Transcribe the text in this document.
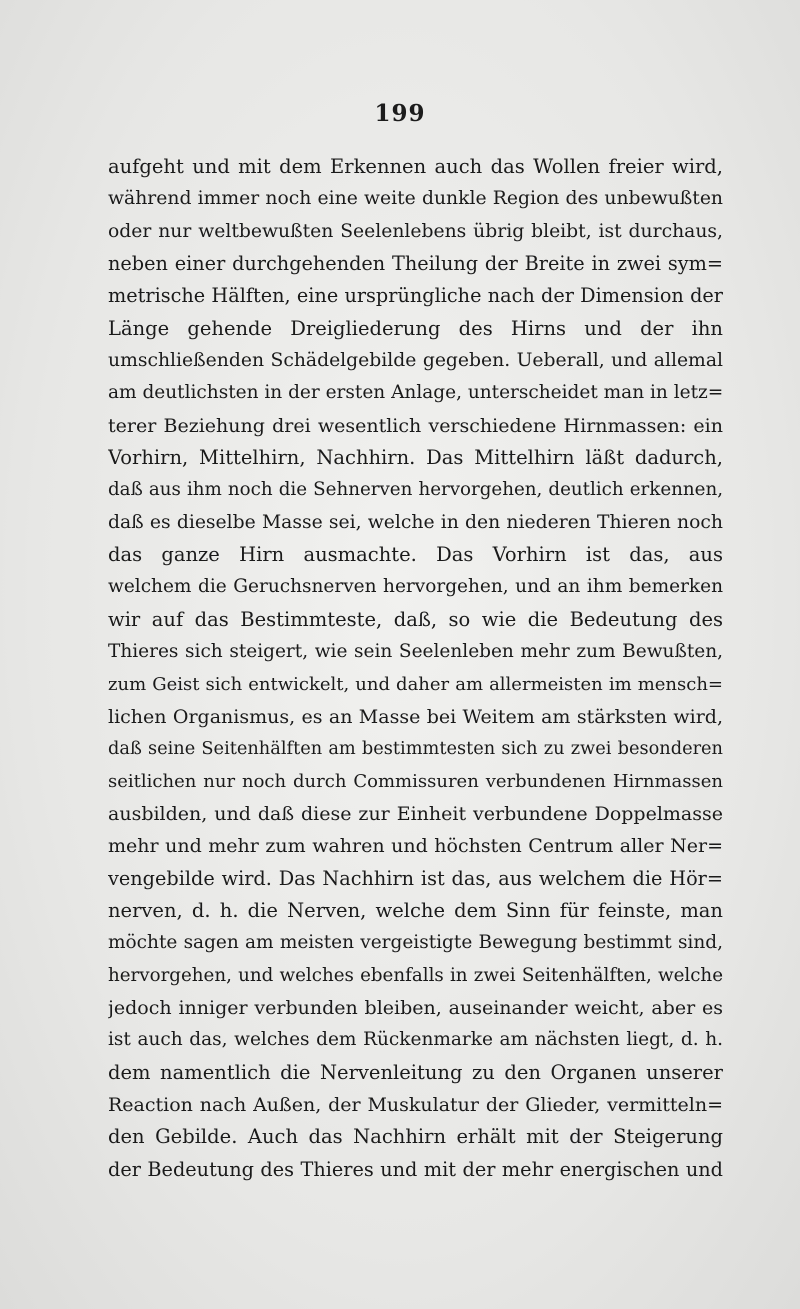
199
aufgeht und mit dem Erkennen auch das Wollen freier wird,
während immer noch eine weite dunkle Region des unbewußten
oder nur weltbewußten Seelenlebens übrig bleibt, ist durchaus,
neben einer durchgehenden Theilung der Breite in zwei sym=
metrische Hälften, eine ursprüngliche nach der Dimension der
Länge gehende Dreigliederung des Hirns und der ihn
umschließenden Schädelgebilde gegeben. Ueberall, und allemal
am deutlichsten in der ersten Anlage, unterscheidet man in letz=
terer Beziehung drei wesentlich verschiedene Hirnmassen: ein
Vorhirn, Mittelhirn, Nachhirn. Das Mittelhirn läßt dadurch,
daß aus ihm noch die Sehnerven hervorgehen, deutlich erkennen,
daß es dieselbe Masse sei, welche in den niederen Thieren noch
das ganze Hirn ausmachte. Das Vorhirn ist das, aus
welchem die Geruchsnerven hervorgehen, und an ihm bemerken
wir auf das Bestimmteste, daß, so wie die Bedeutung des
Thieres sich steigert, wie sein Seelenleben mehr zum Bewußten,
zum Geist sich entwickelt, und daher am allermeisten im mensch=
lichen Organismus, es an Masse bei Weitem am stärksten wird,
daß seine Seitenhälften am bestimmtesten sich zu zwei besonderen
seitlichen nur noch durch Commissuren verbundenen Hirnmassen
ausbilden, und daß diese zur Einheit verbundene Doppelmasse
mehr und mehr zum wahren und höchsten Centrum aller Ner=
vengebilde wird. Das Nachhirn ist das, aus welchem die Hör=
nerven, d. h. die Nerven, welche dem Sinn für feinste, man
möchte sagen am meisten vergeistigte Bewegung bestimmt sind,
hervorgehen, und welches ebenfalls in zwei Seitenhälften, welche
jedoch inniger verbunden bleiben, auseinander weicht, aber es
ist auch das, welches dem Rückenmarke am nächsten liegt, d. h.
dem namentlich die Nervenleitung zu den Organen unserer
Reaction nach Außen, der Muskulatur der Glieder, vermitteln=
den Gebilde. Auch das Nachhirn erhält mit der Steigerung
der Bedeutung des Thieres und mit der mehr energischen und
